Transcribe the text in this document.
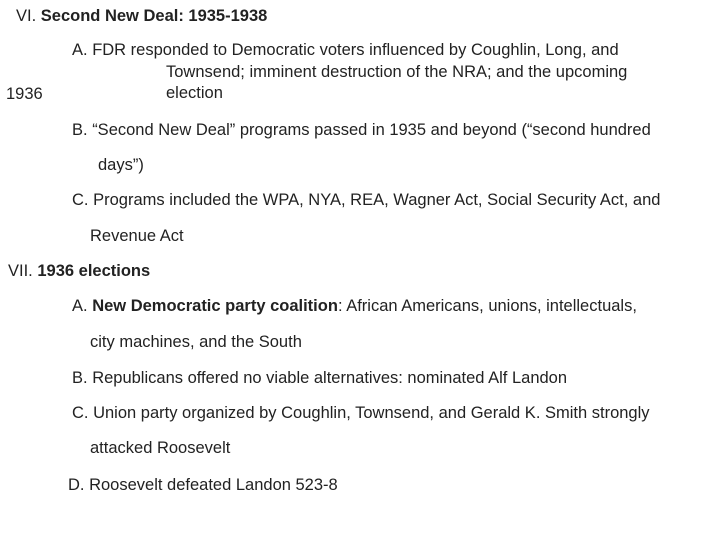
VI. Second New Deal: 1935-1938
1936
A. FDR responded to Democratic voters influenced by Coughlin, Long, and
Townsend; imminent destruction of the NRA; and the upcoming
election
B. “Second New Deal” programs passed in 1935 and beyond (“second hundred
days”)
C. Programs included the WPA, NYA, REA, Wagner Act, Social Security Act, and
Revenue Act
VII. 1936 elections
A. New Democratic party coalition: African Americans, unions, intellectuals,
city machines, and the South
B. Republicans offered no viable alternatives: nominated Alf Landon
C. Union party organized by Coughlin, Townsend, and Gerald K. Smith strongly
attacked Roosevelt
D. Roosevelt defeated Landon 523-8
